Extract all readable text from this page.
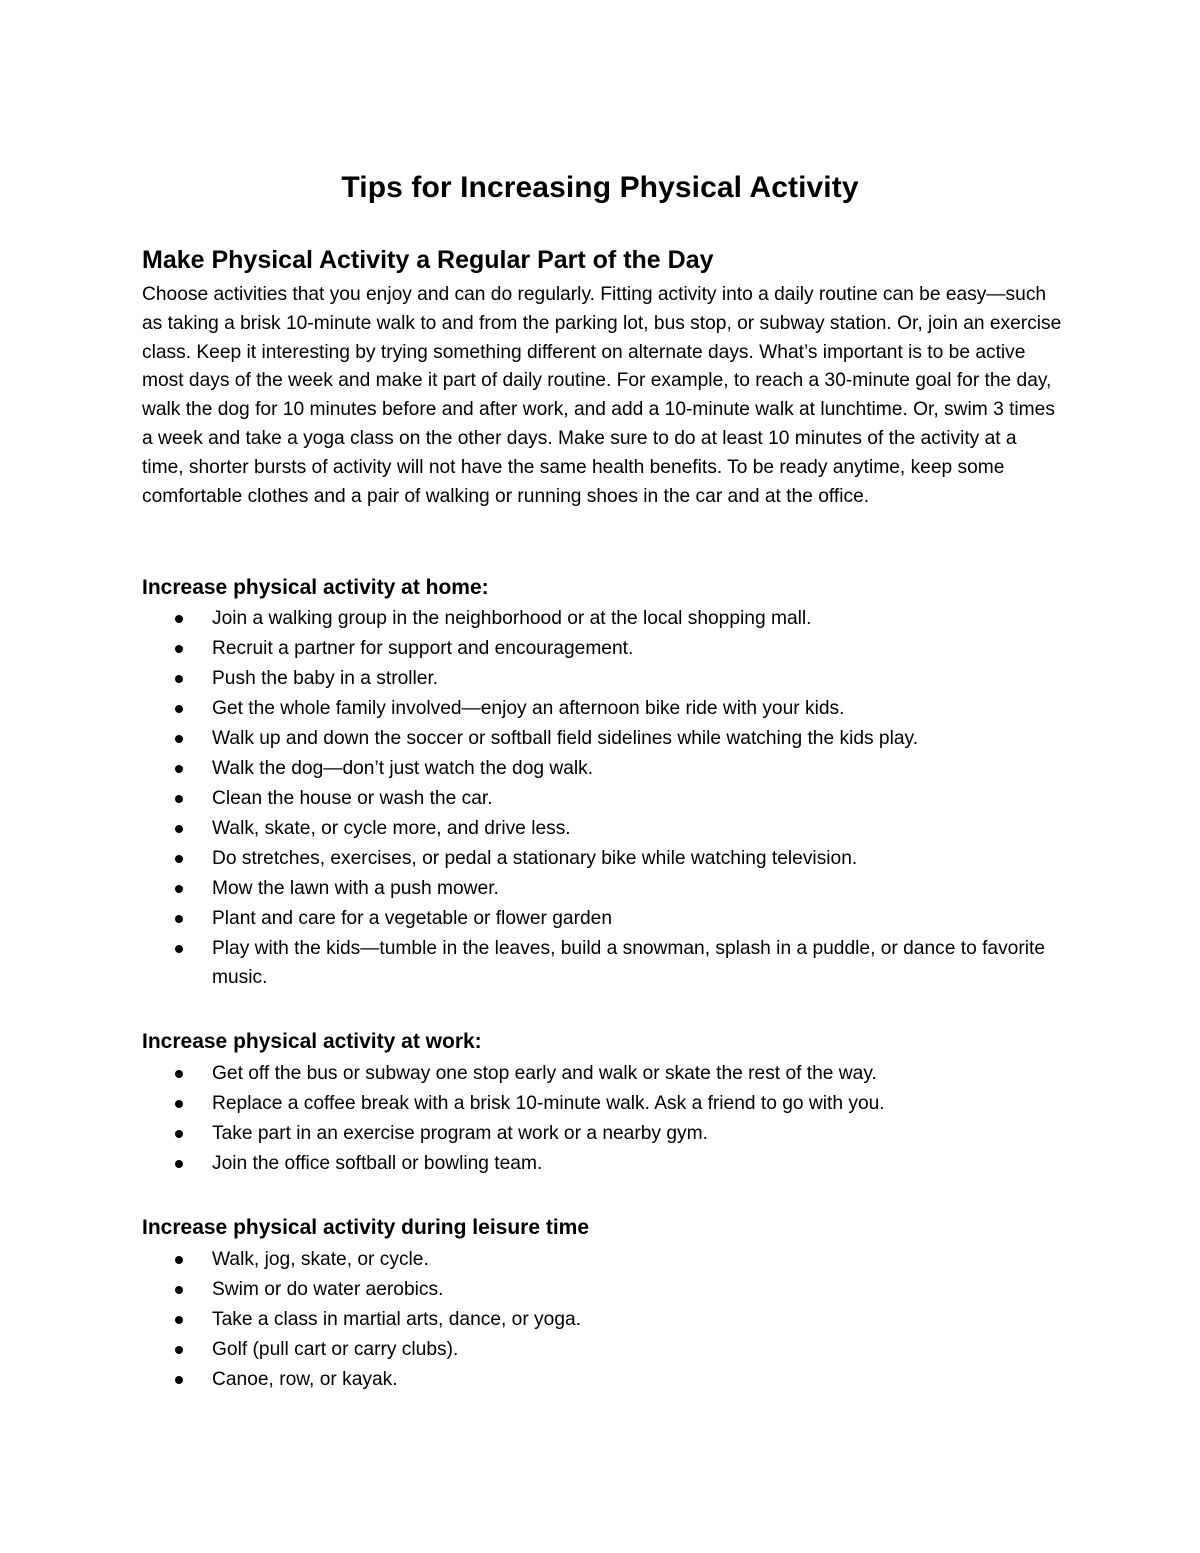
Tips for Increasing Physical Activity
Make Physical Activity a Regular Part of the Day

Choose activities that you enjoy and can do regularly. Fitting activity into a daily routine can be easy—such as taking a brisk 10-minute walk to and from the parking lot, bus stop, or subway station. Or, join an exercise class. Keep it interesting by trying something different on alternate days. What’s important is to be active most days of the week and make it part of daily routine. For example, to reach a 30-minute goal for the day, walk the dog for 10 minutes before and after work, and add a 10-minute walk at lunchtime. Or, swim 3 times a week and take a yoga class on the other days. Make sure to do at least 10 minutes of the activity at a time, shorter bursts of activity will not have the same health benefits. To be ready anytime, keep some comfortable clothes and a pair of walking or running shoes in the car and at the office.

Increase physical activity at home:
Join a walking group in the neighborhood or at the local shopping mall.
Recruit a partner for support and encouragement.
Push the baby in a stroller.
Get the whole family involved—enjoy an afternoon bike ride with your kids.
Walk up and down the soccer or softball field sidelines while watching the kids play.
Walk the dog—don’t just watch the dog walk.
Clean the house or wash the car.
Walk, skate, or cycle more, and drive less.
Do stretches, exercises, or pedal a stationary bike while watching television.
Mow the lawn with a push mower.
Plant and care for a vegetable or flower garden
Play with the kids—tumble in the leaves, build a snowman, splash in a puddle, or dance to favorite music.
Increase physical activity at work:
Get off the bus or subway one stop early and walk or skate the rest of the way.
Replace a coffee break with a brisk 10-minute walk. Ask a friend to go with you.
Take part in an exercise program at work or a nearby gym.
Join the office softball or bowling team.
Increase physical activity during leisure time
Walk, jog, skate, or cycle.
Swim or do water aerobics.
Take a class in martial arts, dance, or yoga.
Golf (pull cart or carry clubs).
Canoe, row, or kayak.
